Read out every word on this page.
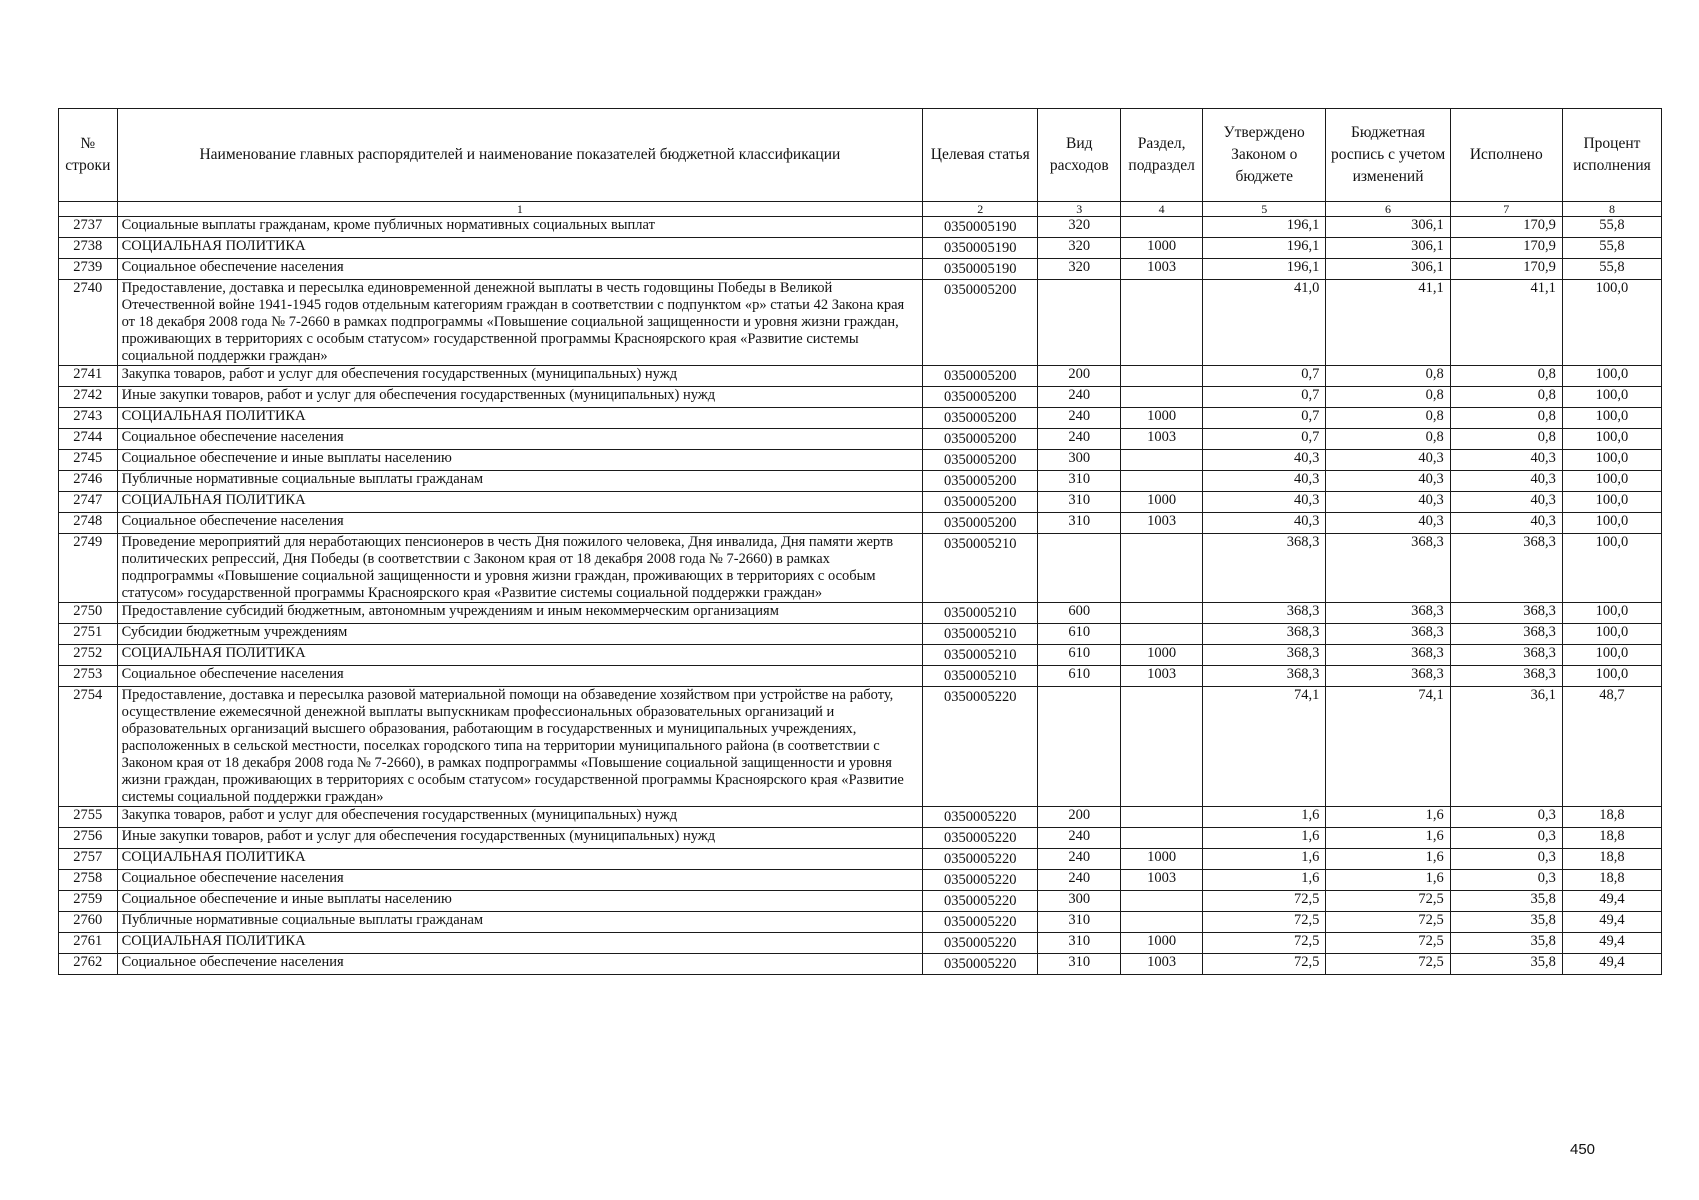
№ строки	Наименование главных распорядителей и наименование показателей бюджетной классификации	Целевая статья	Вид расходов	Раздел, подраздел	Утверждено Законом о бюджете	Бюджетная роспись с учетом изменений	Исполнено	Процент исполнения
	1	2	3	4	5	6	7	8
2737	Социальные выплаты гражданам, кроме публичных нормативных социальных выплат	0350005190	320		196,1	306,1	170,9	55,8
2738	СОЦИАЛЬНАЯ ПОЛИТИКА	0350005190	320	1000	196,1	306,1	170,9	55,8
2739	Социальное обеспечение населения	0350005190	320	1003	196,1	306,1	170,9	55,8
2740	Предоставление, доставка и пересылка единовременной денежной выплаты в честь годовщины Победы в Великой Отечественной войне 1941-1945 годов отдельным категориям граждан в соответствии с подпунктом «р» статьи 42 Закона края от 18 декабря 2008 года № 7-2660 в рамках подпрограммы «Повышение социальной защищенности и уровня жизни граждан, проживающих в территориях с особым статусом» государственной программы Красноярского края «Развитие системы социальной поддержки граждан»	0350005200			41,0	41,1	41,1	100,0
2741	Закупка товаров, работ и услуг для обеспечения государственных (муниципальных) нужд	0350005200	200		0,7	0,8	0,8	100,0
2742	Иные закупки товаров, работ и услуг для обеспечения государственных (муниципальных) нужд	0350005200	240		0,7	0,8	0,8	100,0
2743	СОЦИАЛЬНАЯ ПОЛИТИКА	0350005200	240	1000	0,7	0,8	0,8	100,0
2744	Социальное обеспечение населения	0350005200	240	1003	0,7	0,8	0,8	100,0
2745	Социальное обеспечение и иные выплаты населению	0350005200	300		40,3	40,3	40,3	100,0
2746	Публичные нормативные социальные выплаты гражданам	0350005200	310		40,3	40,3	40,3	100,0
2747	СОЦИАЛЬНАЯ ПОЛИТИКА	0350005200	310	1000	40,3	40,3	40,3	100,0
2748	Социальное обеспечение населения	0350005200	310	1003	40,3	40,3	40,3	100,0
2749	Проведение мероприятий для неработающих пенсионеров в честь Дня пожилого человека, Дня инвалида, Дня памяти жертв политических репрессий, Дня Победы (в соответствии с Законом края от 18 декабря 2008 года № 7-2660) в рамках подпрограммы «Повышение социальной защищенности и уровня жизни граждан, проживающих в территориях с особым статусом» государственной программы Красноярского края «Развитие системы социальной поддержки граждан»	0350005210			368,3	368,3	368,3	100,0
2750	Предоставление субсидий бюджетным, автономным учреждениям и иным некоммерческим организациям	0350005210	600		368,3	368,3	368,3	100,0
2751	Субсидии бюджетным учреждениям	0350005210	610		368,3	368,3	368,3	100,0
2752	СОЦИАЛЬНАЯ ПОЛИТИКА	0350005210	610	1000	368,3	368,3	368,3	100,0
2753	Социальное обеспечение населения	0350005210	610	1003	368,3	368,3	368,3	100,0
2754	Предоставление, доставка и пересылка разовой материальной помощи на обзаведение хозяйством при устройстве на работу, осуществление ежемесячной денежной выплаты выпускникам профессиональных образовательных организаций и образовательных организаций высшего образования, работающим в государственных и муниципальных учреждениях, расположенных в сельской местности, поселках городского типа на территории муниципального района (в соответствии с Законом края от 18 декабря 2008 года № 7-2660), в рамках подпрограммы «Повышение социальной защищенности и уровня жизни граждан, проживающих в территориях с особым статусом» государственной программы Красноярского края «Развитие системы социальной поддержки граждан»	0350005220			74,1	74,1	36,1	48,7
2755	Закупка товаров, работ и услуг для обеспечения государственных (муниципальных) нужд	0350005220	200		1,6	1,6	0,3	18,8
2756	Иные закупки товаров, работ и услуг для обеспечения государственных (муниципальных) нужд	0350005220	240		1,6	1,6	0,3	18,8
2757	СОЦИАЛЬНАЯ ПОЛИТИКА	0350005220	240	1000	1,6	1,6	0,3	18,8
2758	Социальное обеспечение населения	0350005220	240	1003	1,6	1,6	0,3	18,8
2759	Социальное обеспечение и иные выплаты населению	0350005220	300		72,5	72,5	35,8	49,4
2760	Публичные нормативные социальные выплаты гражданам	0350005220	310		72,5	72,5	35,8	49,4
2761	СОЦИАЛЬНАЯ ПОЛИТИКА	0350005220	310	1000	72,5	72,5	35,8	49,4
2762	Социальное обеспечение населения	0350005220	310	1003	72,5	72,5	35,8	49,4
450
